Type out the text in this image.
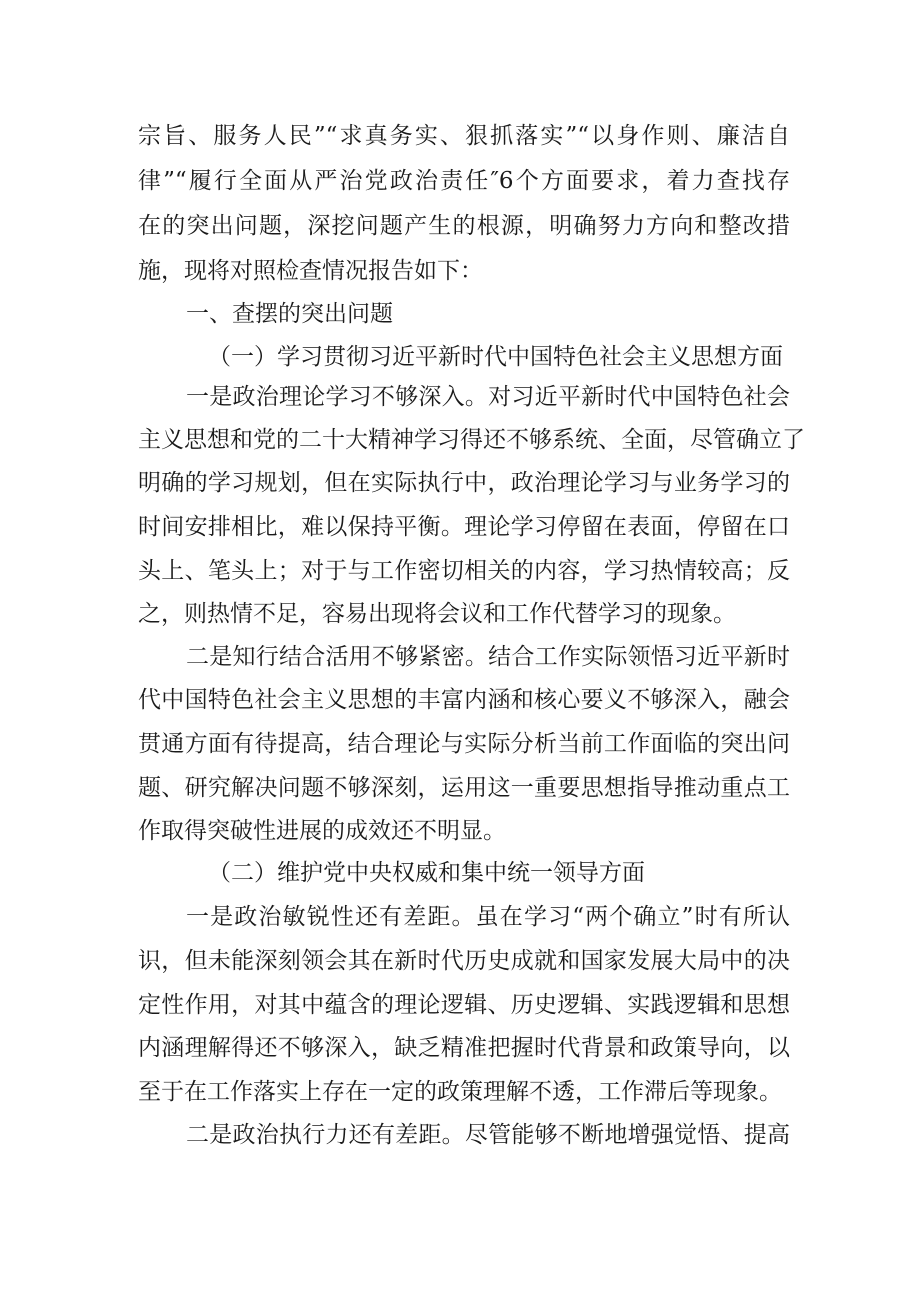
宗旨、服务人民”“求真务实、狠抓落实”“以身作则、廉洁自
律”“履行全面从严治党政治责任″6个方面要求，着力查找存
在的突出问题，深挖问题产生的根源，明确努力方向和整改措
施，现将对照检查情况报告如下：
一、查摆的突出问题
（一）学习贯彻习近平新时代中国特色社会主义思想方面
一是政治理论学习不够深入。对习近平新时代中国特色社会
主义思想和党的二十大精神学习得还不够系统、全面，尽管确立了
明确的学习规划，但在实际执行中，政治理论学习与业务学习的
时间安排相比，难以保持平衡。理论学习停留在表面，停留在口
头上、笔头上；对于与工作密切相关的内容，学习热情较高；反
之，则热情不足，容易出现将会议和工作代替学习的现象。
二是知行结合活用不够紧密。结合工作实际领悟习近平新时
代中国特色社会主义思想的丰富内涵和核心要义不够深入，融会
贯通方面有待提高，结合理论与实际分析当前工作面临的突出问
题、研究解决问题不够深刻，运用这一重要思想指导推动重点工
作取得突破性进展的成效还不明显。
（二）维护党中央权威和集中统一领导方面
一是政治敏锐性还有差距。虽在学习“两个确立”时有所认
识，但未能深刻领会其在新时代历史成就和国家发展大局中的决
定性作用，对其中蕴含的理论逻辑、历史逻辑、实践逻辑和思想
内涵理解得还不够深入，缺乏精准把握时代背景和政策导向，以
至于在工作落实上存在一定的政策理解不透，工作滞后等现象。
二是政治执行力还有差距。尽管能够不断地增强觉悟、提高
